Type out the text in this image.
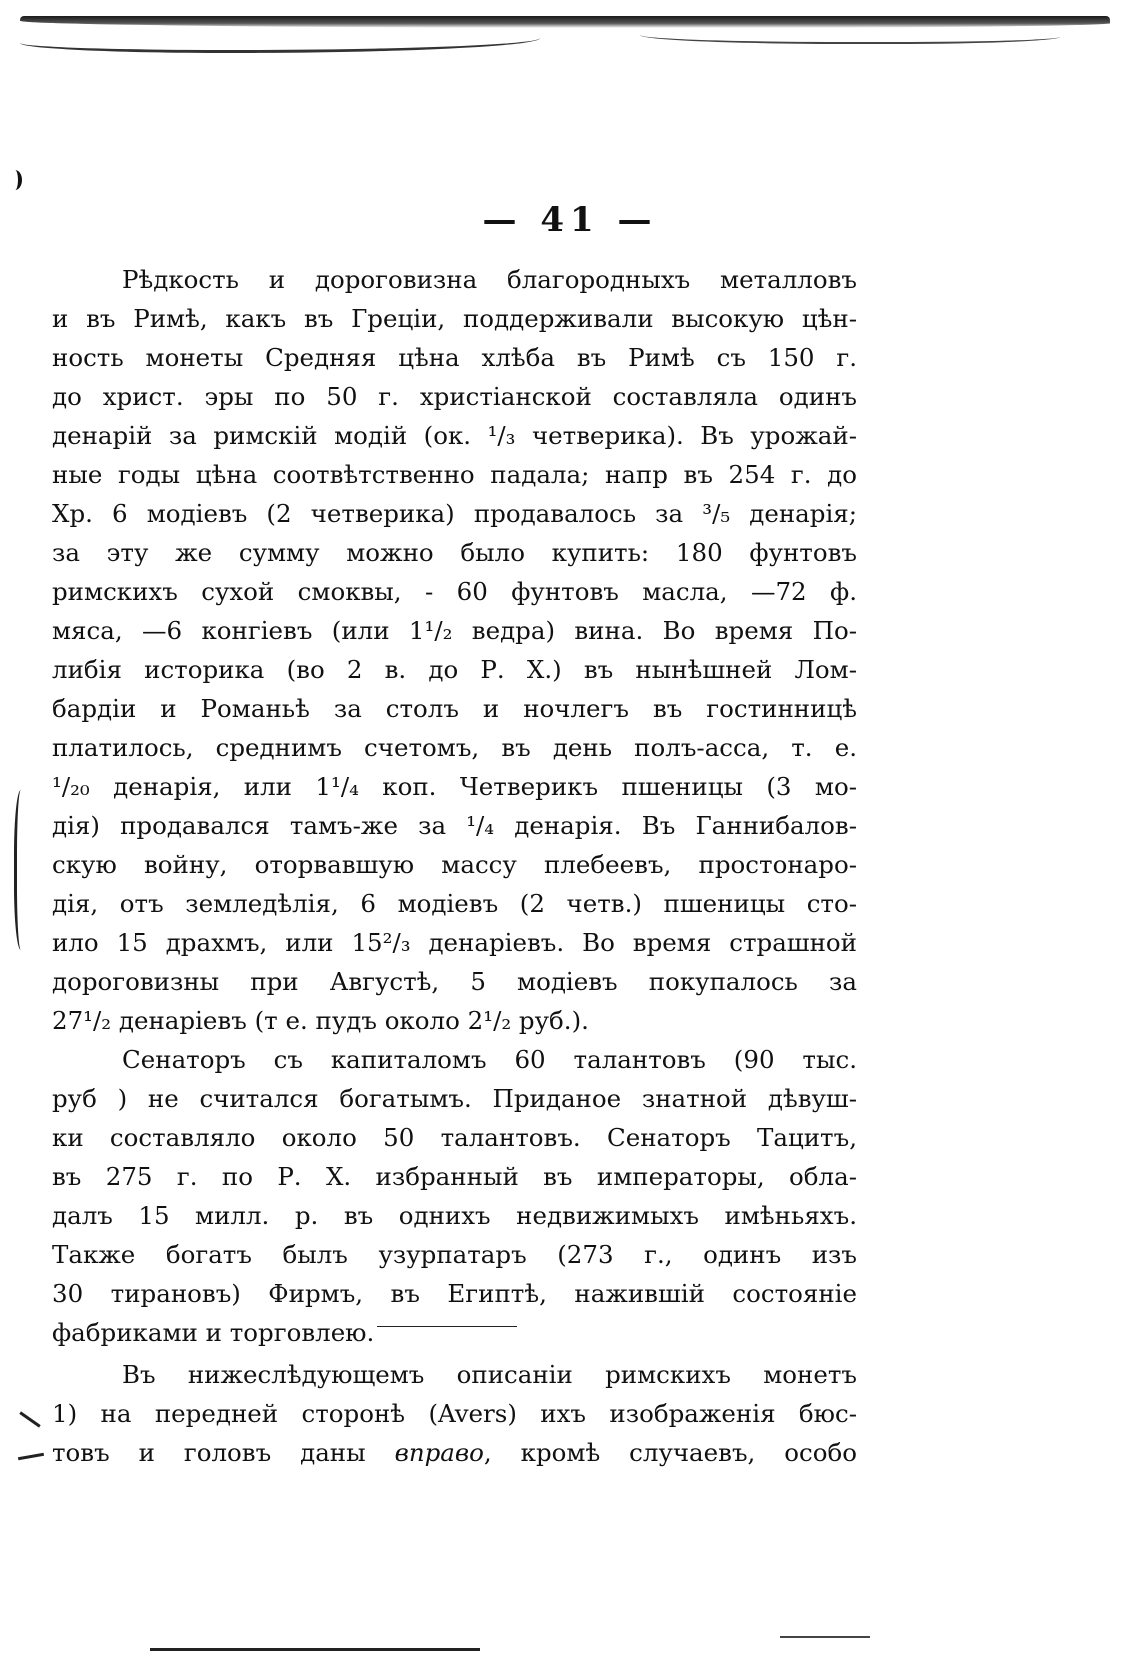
— 41 —
Рѣдкость и дороговизна благородныхъ металловъ
и въ Римѣ, какъ въ Греціи, поддерживали высокую цѣн-
ность монеты Средняя цѣна хлѣба въ Римѣ съ 150 г.
до христ. эры по 50 г. христіанской составляла одинъ
денарій за римскій модій (ок. ¹/₃ четверика). Въ урожай-
ные годы цѣна соотвѣтственно падала; напр въ 254 г. до
Хр. 6 модіевъ (2 четверика) продавалось за ³/₅ денарія;
за эту же сумму можно было купить: 180 фунтовъ
римскихъ сухой смоквы, - 60 фунтовъ масла, —72 ф.
мяса, —6 конгіевъ (или 1¹/₂ ведра) вина. Во время По-
либія историка (во 2 в. до Р. Х.) въ нынѣшней Лом-
бардіи и Романьѣ за столъ и ночлегъ въ гостинницѣ
платилось, среднимъ счетомъ, въ день полъ-асса, т. е.
¹/₂₀ денарія, или 1¹/₄ коп. Четверикъ пшеницы (3 мо-
дія) продавался тамъ-же за ¹/₄ денарія. Въ Ганнибалов-
скую войну, оторвавшую массу плебеевъ, простонаро-
дія, отъ земледѣлія, 6 модіевъ (2 четв.) пшеницы сто-
ило 15 драхмъ, или 15²/₃ денаріевъ. Во время страшной
дороговизны при Августѣ, 5 модіевъ покупалось за
27¹/₂ денаріевъ (т е. пудъ около 2¹/₂ руб.).
Сенаторъ съ капиталомъ 60 талантовъ (90 тыс.
руб ) не считался богатымъ. Приданое знатной дѣвуш-
ки составляло около 50 талантовъ. Сенаторъ Тацитъ,
въ 275 г. по Р. Х. избранный въ императоры, обла-
далъ 15 милл. р. въ однихъ недвижимыхъ имѣньяхъ.
Также богатъ былъ узурпатаръ (273 г., одинъ изъ
30 тирановъ) Фирмъ, въ Египтѣ, нажившій состояніе
фабриками и торговлею.
Въ нижеслѣдующемъ описаніи римскихъ монетъ
1) на передней сторонѣ (Avers) ихъ изображенія бюс-
товъ и головъ даны вправо, кромѣ случаевъ, особо
